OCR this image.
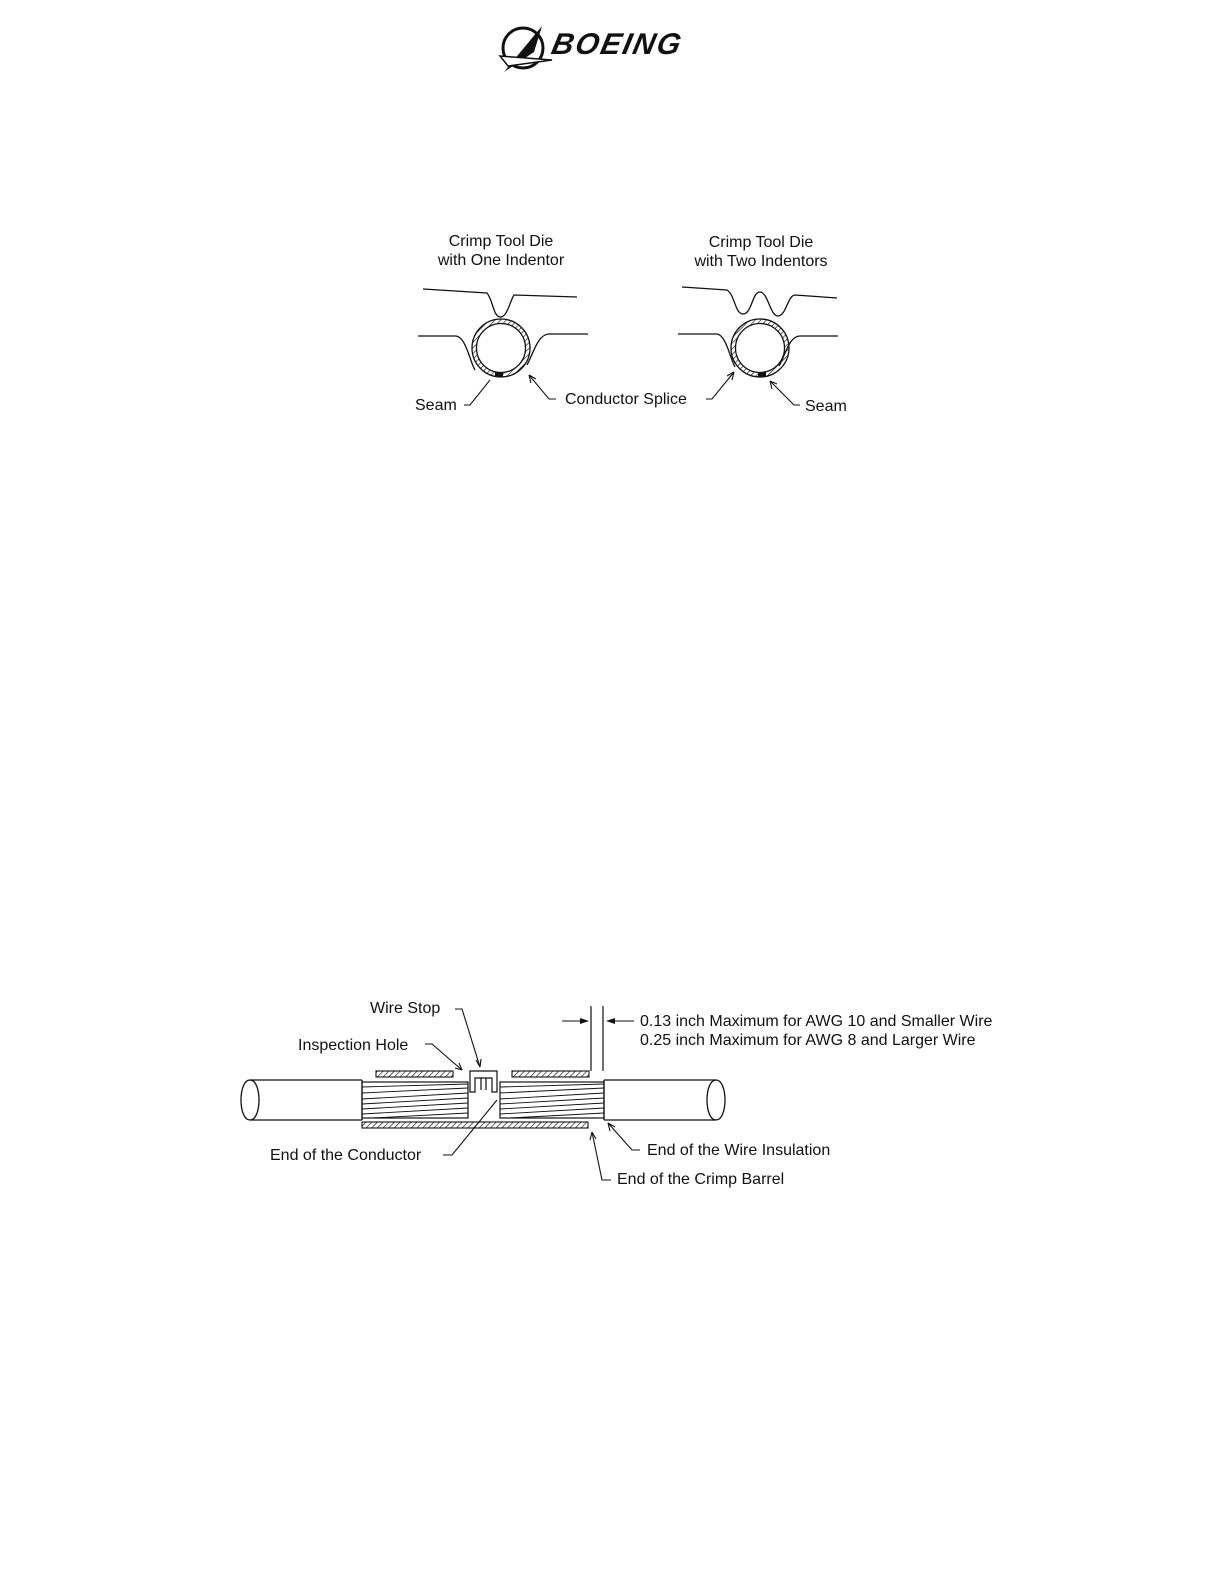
BOEING
Crimp Tool Die
with One Indentor
Crimp Tool Die
with Two Indentors
Seam	Conductor Splice	Seam
Wire Stop
Inspection Hole
0.13 inch Maximum for AWG 10 and Smaller Wire
0.25 inch Maximum for AWG 8 and Larger Wire
End of the Conductor	End of the Wire Insulation
End of the Crimp Barrel
